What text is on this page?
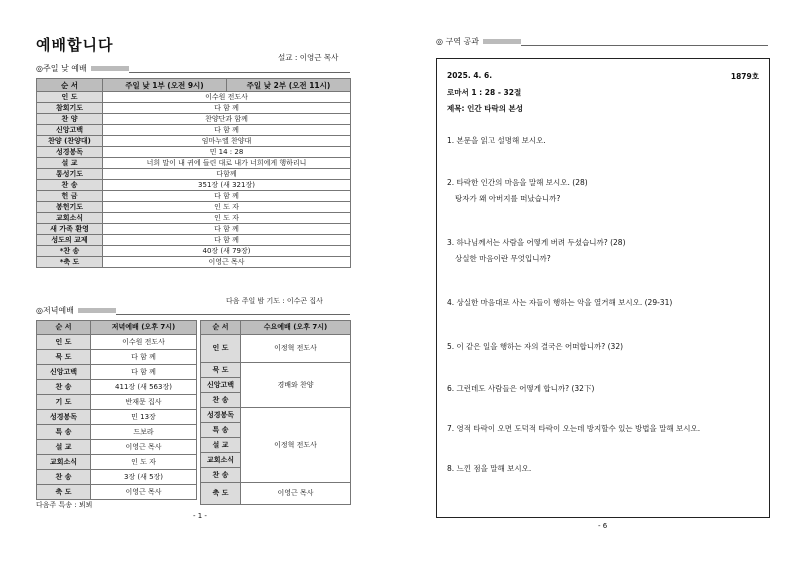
예배합니다
설교 : 이영근 목사
◎주일 낮 예배
순 서	주일 낮 1부 (오전 9시)	주일 낮 2부 (오전 11시)
인 도	이수원 전도사	
참회기도	다 함 께	
찬 양	찬양단과 함께	
신앙고백	다 함 께	
찬양 (찬양대)	임마누엘 찬양대	
성경봉독	민 14 : 28	
설 교	너희 말이 내 귀에 들린 대로 내가 너희에게 행하리니	
통성기도	다함께	
찬 송	351장 (새 321장)	
헌 금	다 함 께	
봉헌기도	인 도 자	
교회소식	인 도 자	
새 가족 환영	다 함 께	
성도의 교제	다 함 께	
*찬 송	40장 (새 79장)	
*축 도	이영근 목사	
다음 주일 밤 기도 : 이수곤 집사
◎저녁예배
순 서	저녁예배 (오후 7시)
인 도	이수원 전도사
묵 도	다 함 께
신앙고백	다 함 께
찬 송	411장 (새 563장)
기 도	반재문 집사
성경봉독	민 13장
특 송	드보라
설 교	이영근 목사
교회소식	인 도 자
찬 송	3장 (새 5장)
축 도	이영근 목사
순 서	수요예배 (오후 7시)
인 도	이정혁 전도사
묵 도	경배와 찬양
신앙고백	
찬 송	
성경봉독	이정혁 전도사
특 송	
설 교	
교회소식	
찬 송	
축 도	이영근 목사
다음주 특송 : 뵈뵈
- 1 -
◎ 구역 공과
2025. 4. 6.	1879호
로마서 1 : 28 - 32절
제목: 인간 타락의 본성
1. 본문을 읽고 설명해 보시오.
2. 타락한 인간의 마음을 말해 보시오. (28)
탕자가 왜 아버지를 떠났습니까?
3. 하나님께서는 사람을 어떻게 버려 두셨습니까? (28)
상실한 마음이란 무엇입니까?
4. 상실한 마음대로 사는 자들이 행하는 악을 열거해 보시오. (29-31)
5. 이 같은 일을 행하는 자의 결국은 어떠합니까? (32)
6. 그런데도 사람들은 어떻게 합니까? (32下)
7. 영적 타락이 오면 도덕적 타락이 오는데 방지할수 있는 방법을 말해 보시오.
8. 느낀 점을 말해 보시오.
- 6
